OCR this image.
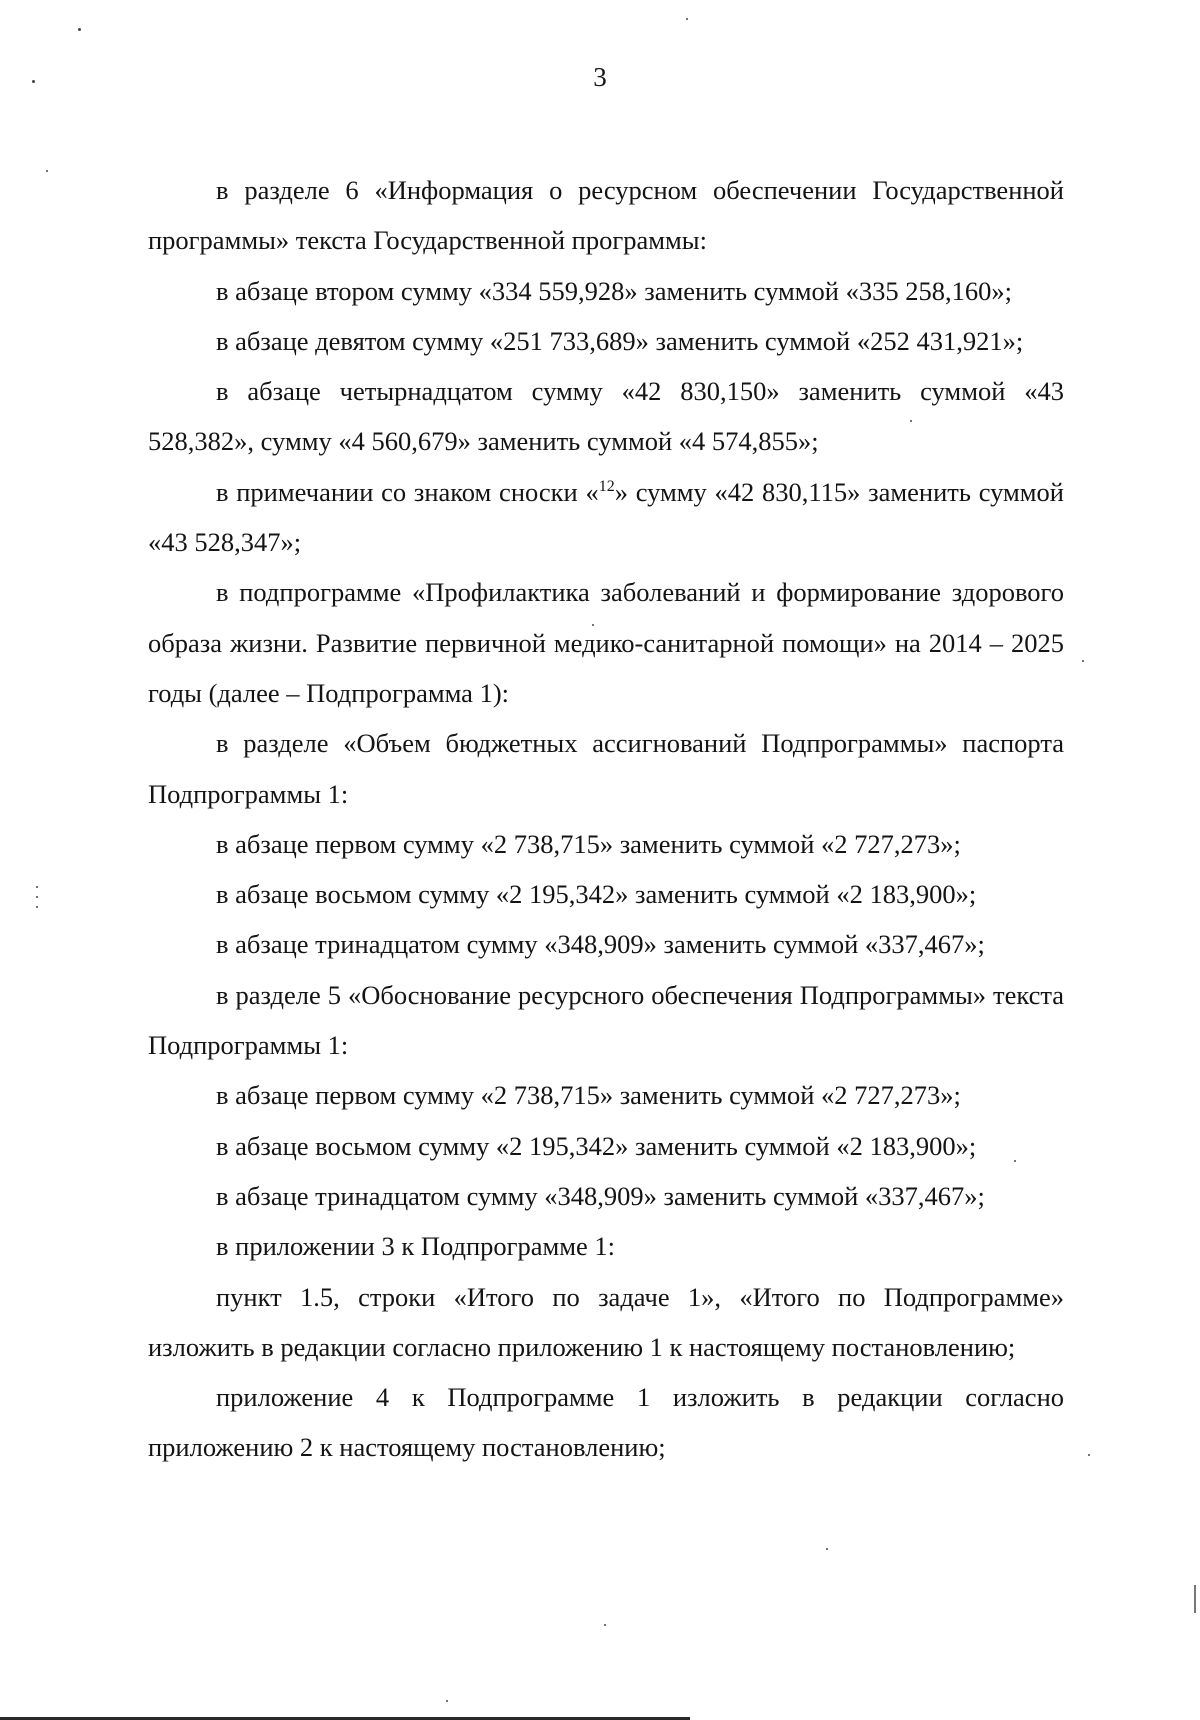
3

в разделе 6 «Информация о ресурсном обеспечении Государственной программы» текста Государственной программы:

в абзаце втором сумму «334 559,928» заменить суммой «335 258,160»;

в абзаце девятом сумму «251 733,689» заменить суммой «252 431,921»;

в абзаце четырнадцатом сумму «42 830,150» заменить суммой «43 528,382», сумму «4 560,679» заменить суммой «4 574,855»;

в примечании со знаком сноски «$^{12}$» сумму «42 830,115» заменить суммой «43 528,347»;

в подпрограмме «Профилактика заболеваний и формирование здорового образа жизни. Развитие первичной медико-санитарной помощи» на 2014 – 2025 годы (далее – Подпрограмма 1):

в разделе «Объем бюджетных ассигнований Подпрограммы» паспорта Подпрограммы 1:

в абзаце первом сумму «2 738,715» заменить суммой «2 727,273»;

в абзаце восьмом сумму «2 195,342» заменить суммой «2 183,900»;

в абзаце тринадцатом сумму «348,909» заменить суммой «337,467»;

в разделе 5 «Обоснование ресурсного обеспечения Подпрограммы» текста Подпрограммы 1:

в абзаце первом сумму «2 738,715» заменить суммой «2 727,273»;

в абзаце восьмом сумму «2 195,342» заменить суммой «2 183,900»;

в абзаце тринадцатом сумму «348,909» заменить суммой «337,467»;

в приложении 3 к Подпрограмме 1:

пункт 1.5, строки «Итого по задаче 1», «Итого по Подпрограмме» изложить в редакции согласно приложению 1 к настоящему постановлению;

приложение 4 к Подпрограмме 1 изложить в редакции согласно приложению 2 к настоящему постановлению;
